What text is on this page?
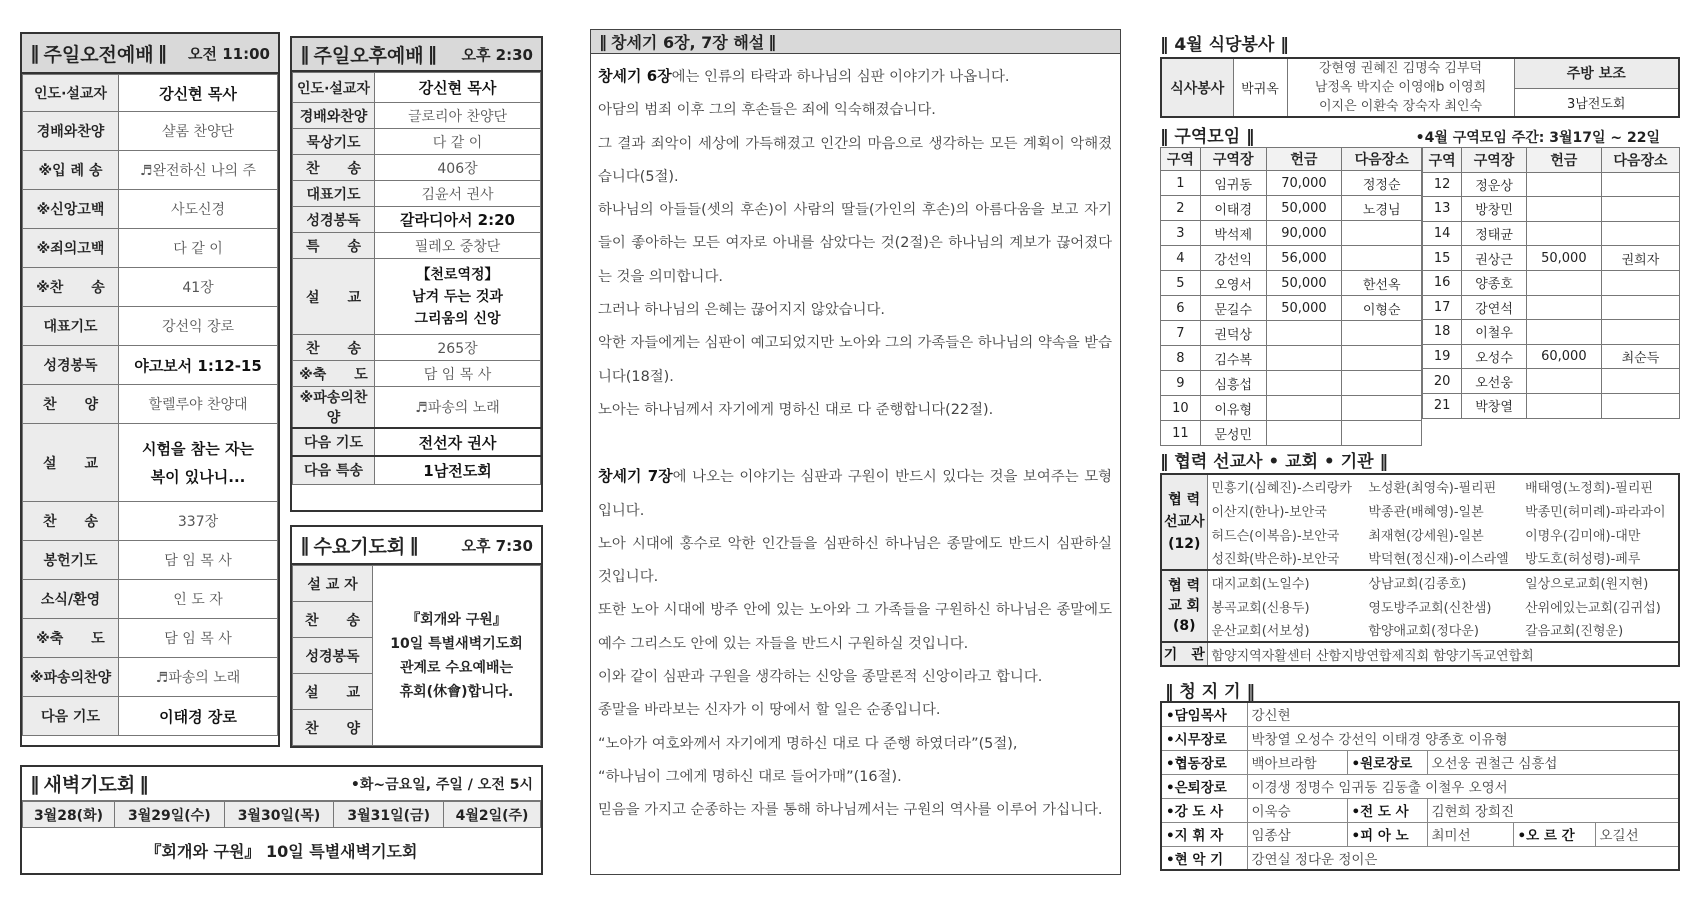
‖ 주일오전예배 ‖ 오전 11:00
인도·설교자	강신현 목사
경배와찬양	샬롬 찬양단
※입 례 송	♬완전하신 나의 주
※신앙고백	사도신경
※죄의고백	다 같 이
※찬　　송	41장
대표기도	강선익 장로
성경봉독	야고보서 1:12-15
찬　　양	할렐루야 찬양대
설　　교	시험을 참는 자는
복이 있나니...

찬　　송	337장
봉헌기도	담 임 목 사
소식/환영	인 도 자
※축　　도	담 임 목 사
※파송의찬양	♬파송의 노래
다음 기도	이태경 장로
‖ 주일오후예배 ‖ 오후 2:30
인도·설교자	강신현 목사
경배와찬양	글로리아 찬양단
묵상기도	다 같 이
찬　　송	406장
대표기도	김윤서 권사
성경봉독	갈라디아서 2:20
특　　송	필레오 중창단
설　　교	【천로역정】
남겨 두는 것과
그리움의 신앙

찬　　송	265장
※축　　도	담 임 목 사
※파송의찬양	♬파송의 노래
다음 기도	전선자 권사
다음 특송	1남전도회
‖ 수요기도회 ‖	오후 7:30
설 교 자	
『회개와 구원』
10일 특별새벽기도회
관계로 수요예배는
휴회(休會)합니다.

찬　　송
성경봉독
설　　교
찬　　양
‖ 새벽기도회 ‖	•화~금요일, 주일 / 오전 5시
3월28(화)	3월29일(수)	3월30일(목)	3월31일(금)	4월2일(주)
『회개와 구원』 10일 특별새벽기도회
‖ 창세기 6장, 7장 해설 ‖

창세기 6장에는 인류의 타락과 하나님의 심판 이야기가 나옵니다.

아담의 범죄 이후 그의 후손들은 죄에 익숙해졌습니다.

그 결과 죄악이 세상에 가득해졌고 인간의 마음으로 생각하는 모든 계획이 악해졌습니다(5절).

하나님의 아들들(셋의 후손)이 사람의 딸들(가인의 후손)의 아름다움을 보고 자기들이 좋아하는 모든 여자로 아내를 삼았다는 것(2절)은 하나님의 계보가 끊어졌다는 것을 의미합니다.

그러나 하나님의 은혜는 끊어지지 않았습니다.

악한 자들에게는 심판이 예고되었지만 노아와 그의 가족들은 하나님의 약속을 받습니다(18절).

노아는 하나님께서 자기에게 명하신 대로 다 준행합니다(22절).

창세기 7장에 나오는 이야기는 심판과 구원이 반드시 있다는 것을 보여주는 모형입니다.

노아 시대에 홍수로 악한 인간들을 심판하신 하나님은 종말에도 반드시 심판하실 것입니다.

또한 노아 시대에 방주 안에 있는 노아와 그 가족들을 구원하신 하나님은 종말에도 예수 그리스도 안에 있는 자들을 반드시 구원하실 것입니다.

이와 같이 심판과 구원을 생각하는 신앙을 종말론적 신앙이라고 합니다.

종말을 바라보는 신자가 이 땅에서 할 일은 순종입니다.

“노아가 여호와께서 자기에게 명하신 대로 다 준행 하였더라”(5절),

“하나님이 그에게 명하신 대로 들어가매”(16절).

믿음을 가지고 순종하는 자를 통해 하나님께서는 구원의 역사를 이루어 가십니다.

‖ 4월 식당봉사 ‖
식사봉사	박귀옥	
강현영 권혜진 김명숙 김부덕
남정옥 박지순 이영애b 이영희
이지은 이환숙 장숙자 최인숙
	주방 보조
3남전도회
‖ 구역모임 ‖	•4월 구역모임 주간: 3월17일 ~ 22일
구역	구역장	헌금	다음장소
1	임귀동	70,000	정정순
2	이태경	50,000	노경님
3	박석제	90,000	
4	강선익	56,000	
5	오영서	50,000	한선옥
6	문길수	50,000	이형순
7	권덕상		
8	김수복		
9	심흥섭		
10	이유형		
11	문성민		
구역	구역장	헌금	다음장소
12	정운상		
13	방창민		
14	정태균		
15	권상근	50,000	권희자
16	양종호		
17	강연석		
18	이철우		
19	오성수	60,000	최순득
20	오선웅		
21	박창열		
‖ 협력 선교사 • 교회 • 기관 ‖
협 력
선교사
(12)	민흥기(심혜진)-스리랑카	노성환(최영숙)-필리핀	배태영(노정희)-필리핀
	이산지(한나)-보안국	박종관(배혜영)-일본	박종민(허미례)-파라과이
	허드슨(이복음)-보안국	최재현(강세원)-일본	이명우(김미애)-대만
	성진화(박은하)-보안국	박덕현(정신재)-이스라엘	방도호(허성령)-페루

협 력
교 회
(8)	대지교회(노일수)	상남교회(김종호)	일상으로교회(원지현)
	봉곡교회(신용두)	영도방주교회(신찬샘)	산위에있는교회(김귀섭)
	운산교회(서보성)	함양애교회(정다운)	갈음교회(진형운)
기　관	함양지역자활센터 산함지방연합제직회 함양기독교연합회		
‖ 청 지 기 ‖
•담임목사	강신현				
•시무장로	박창열 오성수 강선익 이태경 양종호 이유형				
•협동장로	백아브라함	•원로장로	오선웅 권철근 심흥섭		
•은퇴장로	이경생 정명수 임귀동 김동출 이철우 오영서				
•강 도 사	이욱승	•전 도 사	김현희 장희진		
•지 휘 자	임종삼	•피 아 노	최미선	•오 르 간	오길선
•현 악 기	강연실 정다운 정이은				
